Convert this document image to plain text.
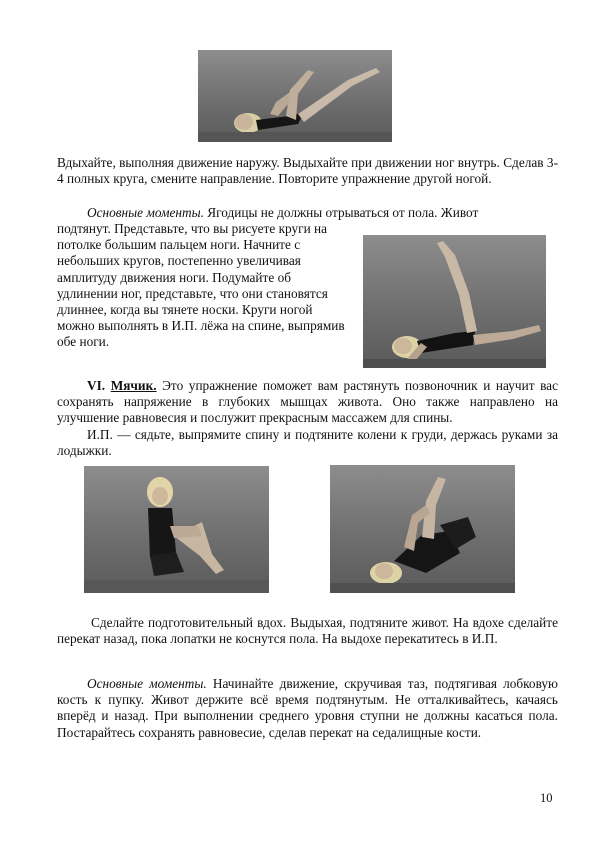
Вдыхайте, выполняя движение наружу. Выдыхайте при движении ног внутрь. Сделав 3-4 полных круга, смените направление. Повторите упражнение другой ногой.

Основные моменты. Ягодицы не должны отрываться от пола. Живот

подтянут. Представьте, что вы рисуете круги на

потолке большим пальцем ноги. Начните с

небольших кругов, постепенно увеличивая

амплитуду движения ноги. Подумайте об

удлинении ног, представьте, что они становятся

длиннее, когда вы тянете носки. Круги ногой

можно выполнять в И.П. лёжа на спине, выпрямив

обе ноги.

VI. Мячик. Это упражнение поможет вам растянуть позвоночник и научит вас сохранять напряжение в глубоких мышцах живота. Оно также направлено на улучшение равновесия и послужит прекрасным массажем для спины.

И.П. — сядьте, выпрямите спину и подтяните колени к груди, держась руками за лодыжки.

Сделайте подготовительный вдох. Выдыхая, подтяните живот. На вдохе сделайте перекат назад, пока лопатки не коснутся пола. На выдохе перекатитесь в И.П.

Основные моменты. Начинайте движение, скручивая таз, подтягивая лобковую кость к пупку. Живот держите всё время подтянутым. Не отталкивайтесь, качаясь вперёд и назад. При выполнении среднего уровня ступни не должны касаться пола. Постарайтесь сохранять равновесие, сделав перекат на седалищные кости.

10
